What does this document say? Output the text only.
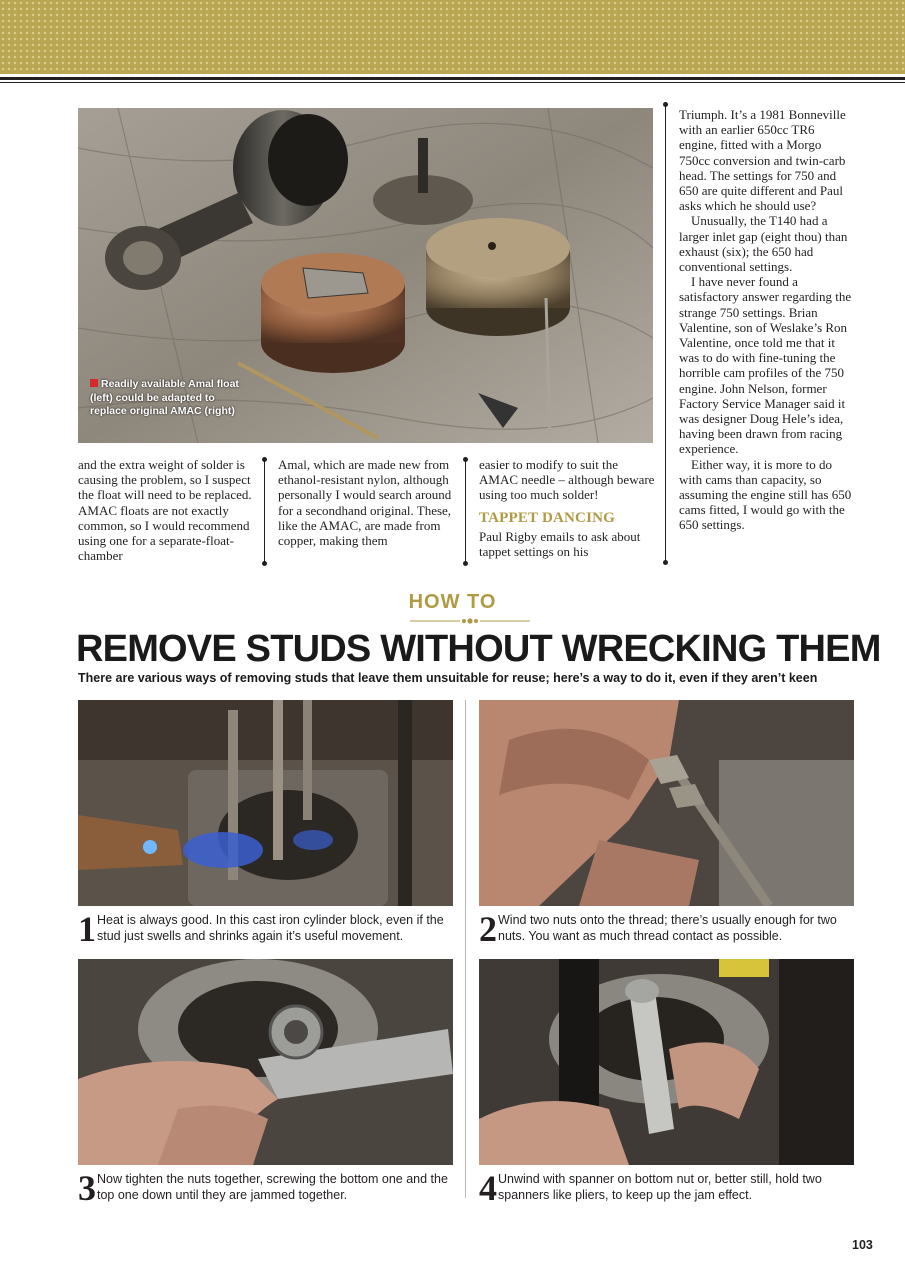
Readily available Amal float (left) could be adapted to replace original AMAC (right)

and the extra weight of solder is causing the problem, so I suspect the float will need to be replaced. AMAC floats are not exactly common, so I would recommend using one for a separate-float-chamber

Amal, which are made new from ethanol-resistant nylon, although personally I would search around for a secondhand original. These, like the AMAC, are made from copper, making them

easier to modify to suit the AMAC needle – although beware using too much solder!

TAPPET DANCING

Paul Rigby emails to ask about tappet settings on his

Triumph. It’s a 1981 Bonneville with an earlier 650cc TR6 engine, fitted with a Morgo 750cc conversion and twin-carb head. The settings for 750 and 650 are quite different and Paul asks which he should use?

Unusually, the T140 had a larger inlet gap (eight thou) than exhaust (six); the 650 had conventional settings.

I have never found a satisfactory answer regarding the strange 750 settings. Brian Valentine, son of Weslake’s Ron Valentine, once told me that it was to do with fine-tuning the horrible cam profiles of the 750 engine. John Nelson, former Factory Service Manager said it was designer Doug Hele’s idea, having been drawn from racing experience.

Either way, it is more to do with cams than capacity, so assuming the engine still has 650 cams fitted, I would go with the 650 settings.

HOW TO
REMOVE STUDS WITHOUT WRECKING THEM
There are various ways of removing studs that leave them unsuitable for reuse; here’s a way to do it, even if they aren’t keen
1 Heat is always good. In this cast iron cylinder block, even if the stud just swells and shrinks again it’s useful movement.	2 Wind two nuts onto the thread; there’s usually enough for two nuts. You want as much thread contact as possible.
3 Now tighten the nuts together, screwing the bottom one and the top one down until they are jammed together.	4 Unwind with spanner on bottom nut or, better still, hold two spanners like pliers, to keep up the jam effect.
103
